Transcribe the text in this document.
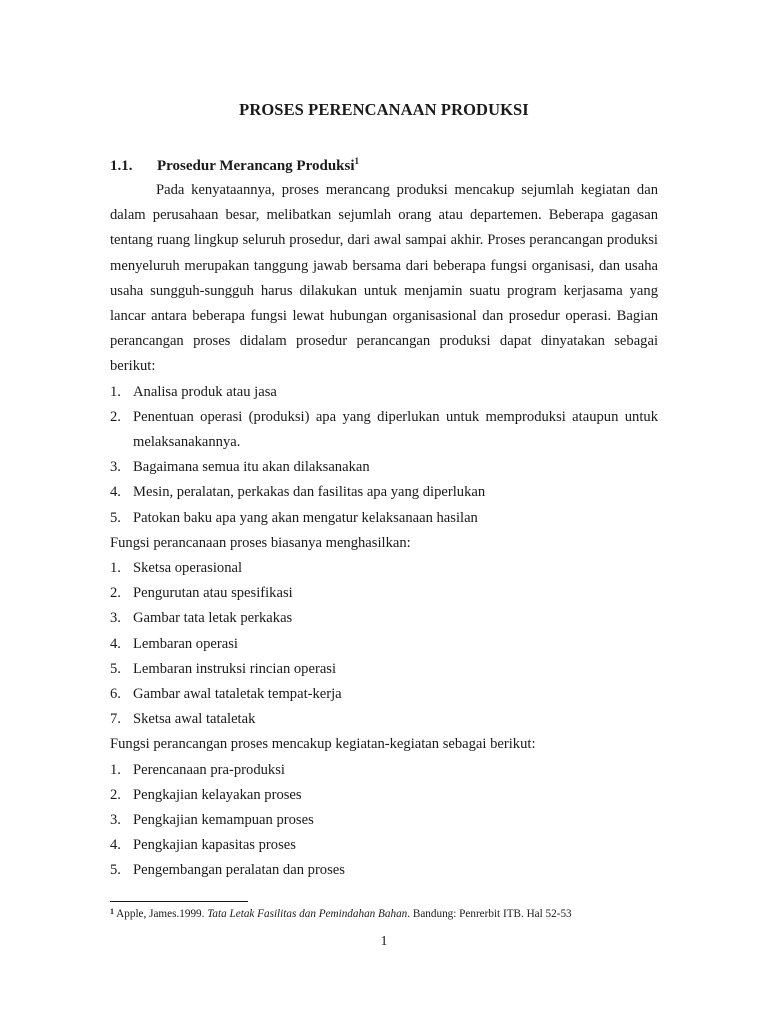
PROSES PERENCANAAN PRODUKSI
1.1. Prosedur Merancang Produksi$^1$

Pada kenyataannya, proses merancang produksi mencakup sejumlah kegiatan dan dalam perusahaan besar, melibatkan sejumlah orang atau departemen. Beberapa gagasan tentang ruang lingkup seluruh prosedur, dari awal sampai akhir. Proses perancangan produksi menyeluruh merupakan tanggung jawab bersama dari beberapa fungsi organisasi, dan usaha usaha sungguh-sungguh harus dilakukan untuk menjamin suatu program kerjasama yang lancar antara beberapa fungsi lewat hubungan organisasional dan prosedur operasi. Bagian perancangan proses didalam prosedur perancangan produksi dapat dinyatakan sebagai berikut:

1. Analisa produk atau jasa
2. Penentuan operasi (produksi) apa yang diperlukan untuk memproduksi ataupun untuk melaksanakannya.
3. Bagaimana semua itu akan dilaksanakan
4. Mesin, peralatan, perkakas dan fasilitas apa yang diperlukan
5. Patokan baku apa yang akan mengatur kelaksanaan hasilan

Fungsi perancanaan proses biasanya menghasilkan:

1. Sketsa operasional
2. Pengurutan atau spesifikasi
3. Gambar tata letak perkakas
4. Lembaran operasi
5. Lembaran instruksi rincian operasi
6. Gambar awal tataletak tempat-kerja
7. Sketsa awal tataletak

Fungsi perancangan proses mencakup kegiatan-kegiatan sebagai berikut:

1. Perencanaan pra-produksi
2. Pengkajian kelayakan proses
3. Pengkajian kemampuan proses
4. Pengkajian kapasitas proses
5. Pengembangan peralatan dan proses
$^1$ Apple, James.1999. Tata Letak Fasilitas dan Pemindahan Bahan. Bandung: Penrerbit ITB. Hal 52-53
1
